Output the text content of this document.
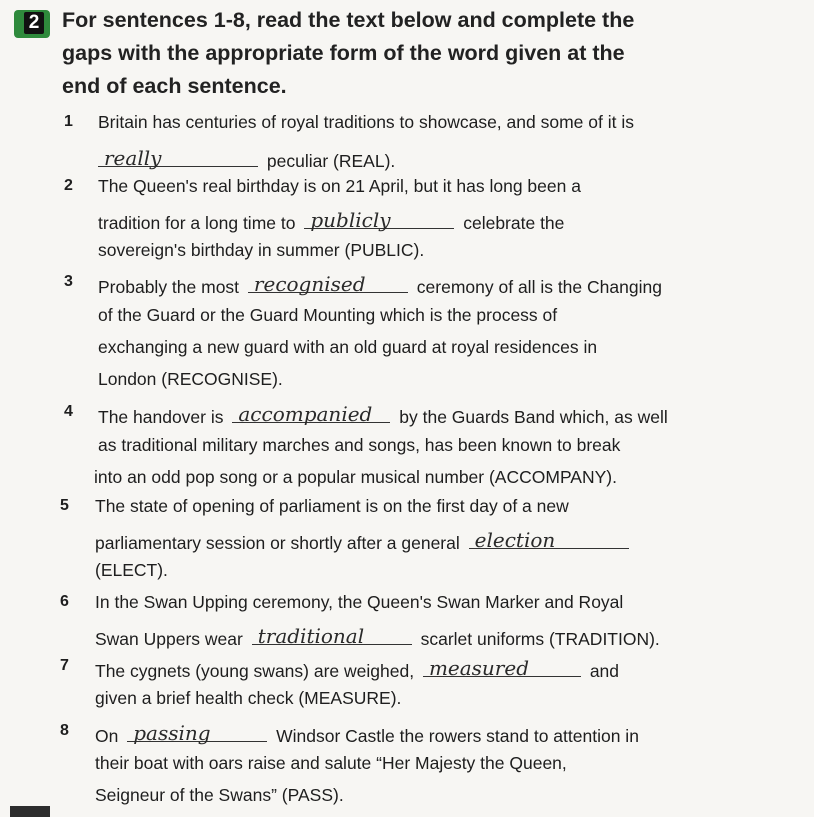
2 For sentences 1-8, read the text below and complete the
gaps with the appropriate form of the word given at the
end of each sentence.
1 Britain has centuries of royal traditions to showcase, and some of it is
really	peculiar (REAL).
2 The Queen's real birthday is on 21 April, but it has long been a
tradition for a long time to publicly	celebrate the
sovereign's birthday in summer (PUBLIC).
3 Probably the most recognised	ceremony of all is the Changing
of the Guard or the Guard Mounting which is the process of
exchanging a new guard with an old guard at royal residences in
London (RECOGNISE).
4 The handover is accompanied by the Guards Band which, as well
as traditional military marches and songs, has been known to break
into an odd pop song or a popular musical number (ACCOMPANY).
5 The state of opening of parliament is on the first day of a new
parliamentary session or shortly after a general election
(ELECT).
6 In the Swan Upping ceremony, the Queen's Swan Marker and Royal
Swan Uppers wear traditional	scarlet uniforms (TRADITION).
7 The cygnets (young swans) are weighed, measured	and
given a brief health check (MEASURE).
8 On passing	Windsor Castle the rowers stand to attention in
their boat with oars raise and salute “Her Majesty the Queen,
Seigneur of the Swans” (PASS).
